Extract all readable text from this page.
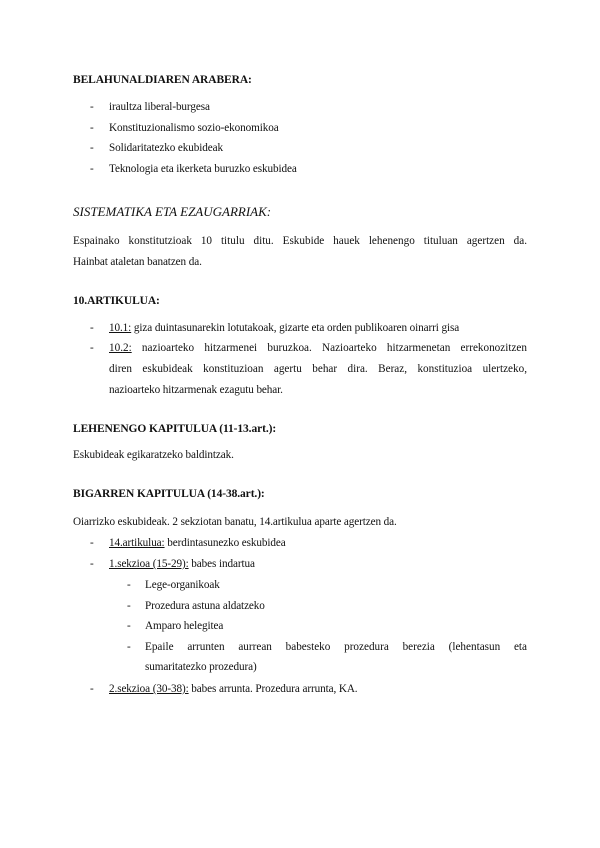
BELAHUNALDIAREN ARABERA:
- iraultza liberal-burgesa
- Konstituzionalismo sozio-ekonomikoa
- Solidaritatezko ekubideak
- Teknologia eta ikerketa buruzko eskubidea
SISTEMATIKA ETA EZAUGARRIAK:
Espainako konstitutzioak 10 titulu ditu. Eskubide hauek lehenengo tituluan agertzen da.
Hainbat ataletan banatzen da.
10.ARTIKULUA:
- 10.1: giza duintasunarekin lotutakoak, gizarte eta orden publikoaren oinarri gisa
- 10.2: nazioarteko hitzarmenei buruzkoa. Nazioarteko hitzarmenetan errekonozitzen
diren eskubideak konstituzioan agertu behar dira. Beraz, konstituzioa ulertzeko,
nazioarteko hitzarmenak ezagutu behar.
LEHENENGO KAPITULUA (11-13.art.):
Eskubideak egikaratzeko baldintzak.
BIGARREN KAPITULUA (14-38.art.):
Oiarrizko eskubideak. 2 sekziotan banatu, 14.artikulua aparte agertzen da.
- 14.artikulua: berdintasunezko eskubidea
- 1.sekzioa (15-29): babes indartua
- Lege-organikoak
- Prozedura astuna aldatzeko
- Amparo helegitea
- Epaile arrunten aurrean babesteko prozedura berezia (lehentasun eta
sumaritatezko prozedura)
- 2.sekzioa (30-38): babes arrunta. Prozedura arrunta, KA.
